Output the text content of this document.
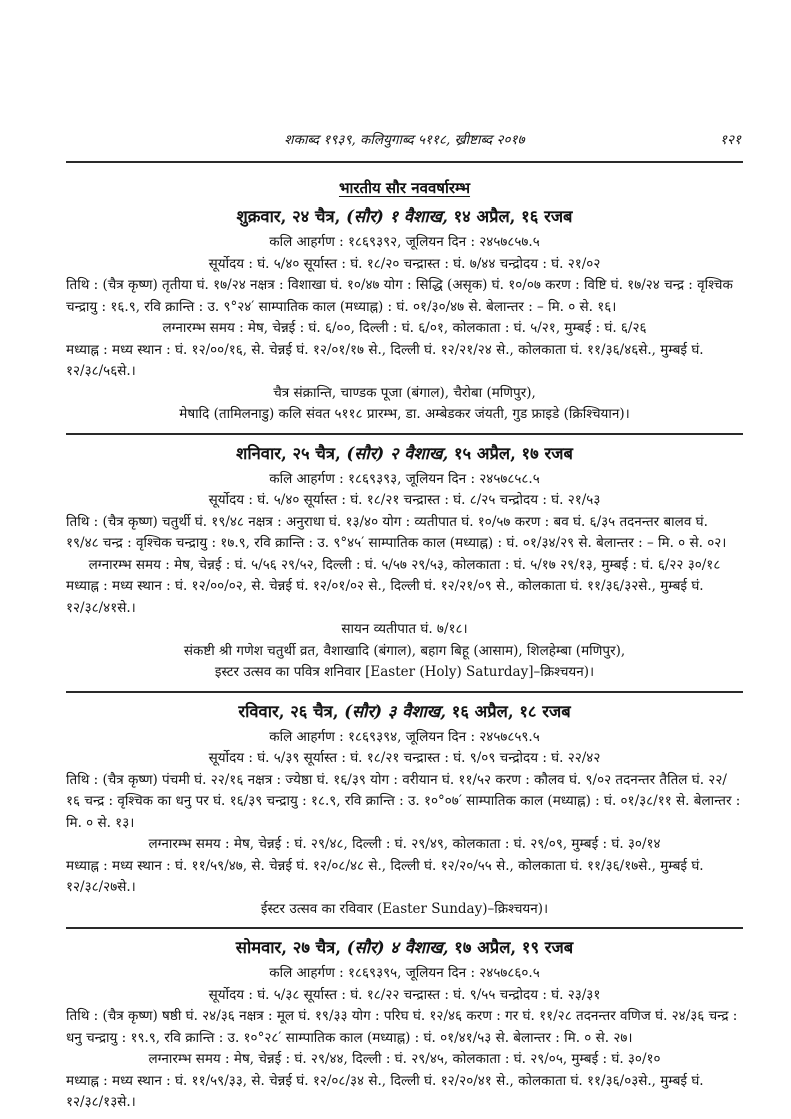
शकाब्द १९३९, कलियुगाब्द ५११८, ख्रीष्टाब्द २०१७	१२१
भारतीय सौर नववर्षारम्भ
शुक्रवार, २४ चैत्र, (सौर) १ वैशाख, १४ अप्रैल, १६ रजब
कलि आहर्गण : १८६९३९२, जूलियन दिन : २४५७८५७.५
सूर्योदय : घं. ५/४० सूर्यास्त : घं. १८/२० चन्द्रास्त : घं. ७/४४ चन्द्रोदय : घं. २१/०२
तिथि : (चैत्र कृष्ण) तृतीया घं. १७/२४ नक्षत्र : विशाखा घं. १०/४७ योग : सिद्धि (असृक) घं. १०/०७ करण : विष्टि घं. १७/२४ चन्द्र : वृश्चिक
चन्द्रायु : १६.९, रवि क्रान्ति : उ. ९°२४′ साम्पातिक काल (मध्याह्न) : घं. ०१/३०/४७ से. बेलान्तर : – मि. ० से. १६।
लग्नारम्भ समय : मेष, चेन्नई : घं. ६/००, दिल्ली : घं. ६/०१, कोलकाता : घं. ५/२१, मुम्बई : घं. ६/२६
मध्याह्न : मध्य स्थान : घं. १२/००/१६, से. चेन्नई घं. १२/०१/१७ से., दिल्ली घं. १२/२१/२४ से., कोलकाता घं. ११/३६/४६से., मुम्बई घं. १२/३८/५६से.।
चैत्र संक्रान्ति, चाण्डक पूजा (बंगाल), चैरोबा (मणिपुर),
मेषादि (तामिलनाडु) कलि संवत ५११८ प्रारम्भ, डा. अम्बेडकर जंयती, गुड फ्राइडे (क्रिश्चियान)।
शनिवार, २५ चैत्र, (सौर) २ वैशाख, १५ अप्रैल, १७ रजब
कलि आहर्गण : १८६९३९३, जूलियन दिन : २४५७८५८.५
सूर्योदय : घं. ५/४० सूर्यास्त : घं. १८/२१ चन्द्रास्त : घं. ८/२५ चन्द्रोदय : घं. २१/५३
तिथि : (चैत्र कृष्ण) चतुर्थी घं. १९/४८ नक्षत्र : अनुराधा घं. १३/४० योग : व्यतीपात घं. १०/५७ करण : बव घं. ६/३५ तदनन्तर बालव घं.
१९/४८ चन्द्र : वृश्चिक चन्द्रायु : १७.९, रवि क्रान्ति : उ. ९°४५′ साम्पातिक काल (मध्याह्न) : घं. ०१/३४/२९ से. बेलान्तर : – मि. ० से. ०२।
लग्नारम्भ समय : मेष, चेन्नई : घं. ५/५६ २९/५२, दिल्ली : घं. ५/५७ २९/५३, कोलकाता : घं. ५/१७ २९/१३, मुम्बई : घं. ६/२२ ३०/१८
मध्याह्न : मध्य स्थान : घं. १२/००/०२, से. चेन्नई घं. १२/०१/०२ से., दिल्ली घं. १२/२१/०९ से., कोलकाता घं. ११/३६/३२से., मुम्बई घं. १२/३८/४१से.।
सायन व्यतीपात घं. ७/१८।
संकष्टी श्री गणेश चतुर्थी व्रत, वैशाखादि (बंगाल), बहाग बिहू (आसाम), शिलहेम्बा (मणिपुर),
इस्टर उत्सव का पवित्र शनिवार [Easter (Holy) Saturday]–क्रिश्चयन)।
रविवार, २६ चैत्र, (सौर) ३ वैशाख, १६ अप्रैल, १८ रजब
कलि आहर्गण : १८६९३९४, जूलियन दिन : २४५७८५९.५
सूर्योदय : घं. ५/३९ सूर्यास्त : घं. १८/२१ चन्द्रास्त : घं. ९/०९ चन्द्रोदय : घं. २२/४२
तिथि : (चैत्र कृष्ण) पंचमी घं. २२/१६ नक्षत्र : ज्येष्ठा घं. १६/३९ योग : वरीयान घं. ११/५२ करण : कौलव घं. ९/०२ तदनन्तर तैतिल घं. २२/
१६ चन्द्र : वृश्चिक का धनु पर घं. १६/३९ चन्द्रायु : १८.९, रवि क्रान्ति : उ. १०°०७′ साम्पातिक काल (मध्याह्न) : घं. ०१/३८/११ से. बेलान्तर :
मि. ० से. १३।
लग्नारम्भ समय : मेष, चेन्नई : घं. २९/४८, दिल्ली : घं. २९/४९, कोलकाता : घं. २९/०९, मुम्बई : घं. ३०/१४
मध्याह्न : मध्य स्थान : घं. ११/५९/४७, से. चेन्नई घं. १२/०८/४८ से., दिल्ली घं. १२/२०/५५ से., कोलकाता घं. ११/३६/१७से., मुम्बई घं. १२/३८/२७से.।
ईस्टर उत्सव का रविवार (Easter Sunday)–क्रिश्चयन)।
सोमवार, २७ चैत्र, (सौर) ४ वैशाख, १७ अप्रैल, १९ रजब
कलि आहर्गण : १८६९३९५, जूलियन दिन : २४५७८६०.५
सूर्योदय : घं. ५/३८ सूर्यास्त : घं. १८/२२ चन्द्रास्त : घं. ९/५५ चन्द्रोदय : घं. २३/३१
तिथि : (चैत्र कृष्ण) षष्ठी घं. २४/३६ नक्षत्र : मूल घं. १९/३३ योग : परिघ घं. १२/४६ करण : गर घं. ११/२८ तदनन्तर वणिज घं. २४/३६ चन्द्र :
धनु चन्द्रायु : १९.९, रवि क्रान्ति : उ. १०°२८′ साम्पातिक काल (मध्याह्न) : घं. ०१/४१/५३ से. बेलान्तर : मि. ० से. २७।
लग्नारम्भ समय : मेष, चेन्नई : घं. २९/४४, दिल्ली : घं. २९/४५, कोलकाता : घं. २९/०५, मुम्बई : घं. ३०/१०
मध्याह्न : मध्य स्थान : घं. ११/५९/३३, से. चेन्नई घं. १२/०८/३४ से., दिल्ली घं. १२/२०/४१ से., कोलकाता घं. ११/३६/०३से., मुम्बई घं. १२/३८/१३से.।
